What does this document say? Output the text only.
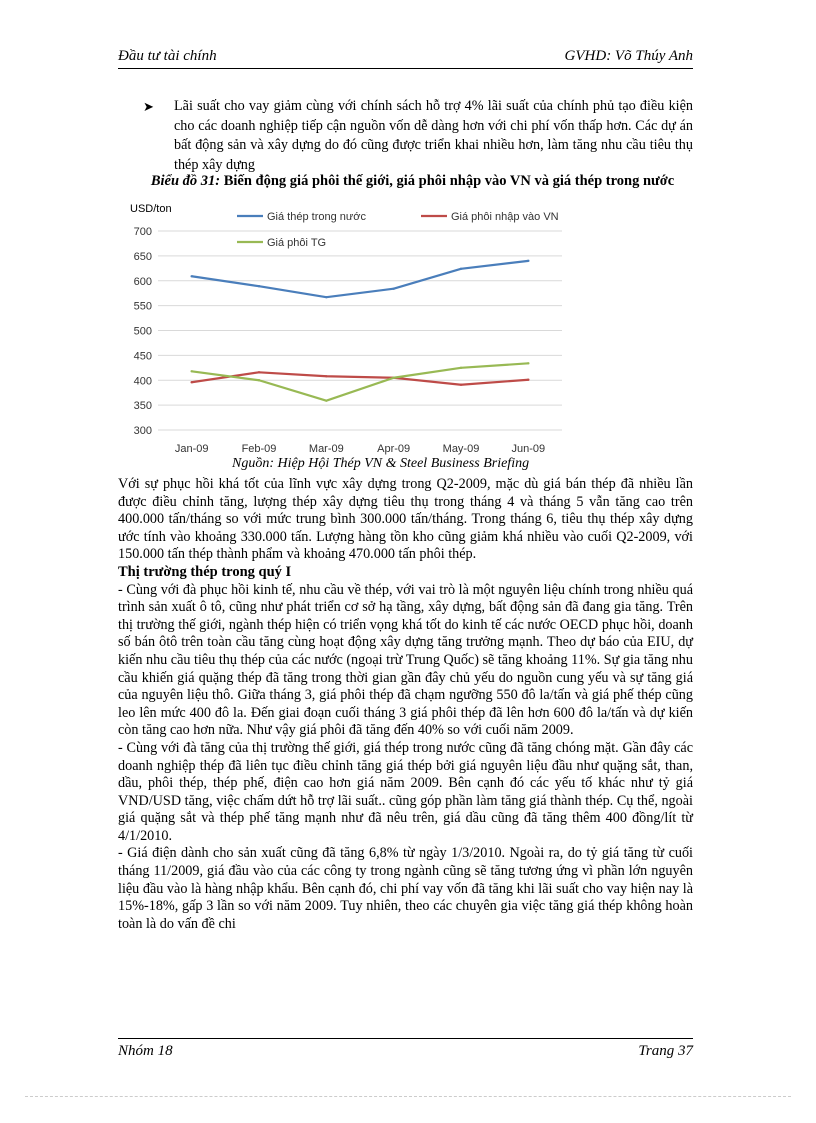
Đầu tư tài chính	GVHD: Võ Thúy Anh
➤ Lãi suất cho vay giảm cùng với chính sách hỗ trợ 4% lãi suất của chính phủ tạo điều kiện cho các doanh nghiệp tiếp cận nguồn vốn dễ dàng hơn với chi phí vốn thấp hơn. Các dự án bất động sản và xây dựng do đó cũng được triển khai nhiều hơn, làm tăng nhu cầu tiêu thụ thép xây dựng
Biểu đồ 31: Biến động giá phôi thế giới, giá phôi nhập vào VN và giá thép trong nước
USD/ton
300
350
400
450
500
550
600
650
700
Jan-09	Feb-09	Mar-09	Apr-09	May-09	Jun-09
Giá thép trong nước	Giá phôi nhập vào VN
Giá phôi TG
Nguồn: Hiệp Hội Thép VN & Steel Business Briefing

Với sự phục hồi khá tốt của lĩnh vực xây dựng trong Q2-2009, mặc dù giá bán thép đã nhiều lần được điều chỉnh tăng, lượng thép xây dựng tiêu thụ trong tháng 4 và tháng 5 vẫn tăng cao trên 400.000 tấn/tháng so với mức trung bình 300.000 tấn/tháng. Trong tháng 6, tiêu thụ thép xây dựng ước tính vào khoảng 330.000 tấn. Lượng hàng tồn kho cũng giảm khá nhiều vào cuối Q2-2009, với 150.000 tấn thép thành phẩm và khoảng 470.000 tấn phôi thép.

Thị trường thép trong quý I

- Cùng với đà phục hồi kinh tế, nhu cầu về thép, với vai trò là một nguyên liệu chính trong nhiều quá trình sản xuất ô tô, cũng như phát triển cơ sở hạ tầng, xây dựng, bất động sản đã đang gia tăng. Trên thị trường thế giới, ngành thép hiện có triển vọng khá tốt do kinh tế các nước OECD phục hồi, doanh số bán ôtô trên toàn cầu tăng cùng hoạt động xây dựng tăng trưởng mạnh. Theo dự báo của EIU, dự kiến nhu cầu tiêu thụ thép của các nước (ngoại trừ Trung Quốc) sẽ tăng khoảng 11%. Sự gia tăng nhu cầu khiến giá quặng thép đã tăng trong thời gian gần đây chủ yếu do nguồn cung yếu và sự tăng giá của nguyên liệu thô. Giữa tháng 3, giá phôi thép đã chạm ngưỡng 550 đô la/tấn và giá phế thép cũng leo lên mức 400 đô la. Đến giai đoạn cuối tháng 3 giá phôi thép đã lên hơn 600 đô la/tấn và dự kiến còn tăng cao hơn nữa. Như vậy giá phôi đã tăng đến 40% so với cuối năm 2009.

- Cùng với đà tăng của thị trường thế giới, giá thép trong nước cũng đã tăng chóng mặt. Gần đây các doanh nghiệp thép đã liên tục điều chỉnh tăng giá thép bởi giá nguyên liệu đầu như quặng sắt, than, dầu, phôi thép, thép phế, điện cao hơn giá năm 2009. Bên cạnh đó các yếu tố khác như tỷ giá VND/USD tăng, việc chấm dứt hỗ trợ lãi suất.. cũng góp phần làm tăng giá thành thép. Cụ thể, ngoài giá quặng sắt và thép phế tăng mạnh như đã nêu trên, giá dầu cũng đã tăng thêm 400 đồng/lít từ 4/1/2010.

- Giá điện dành cho sản xuất cũng đã tăng 6,8% từ ngày 1/3/2010. Ngoài ra, do tỷ giá tăng từ cuối tháng 11/2009, giá đầu vào của các công ty trong ngành cũng sẽ tăng tương ứng vì phần lớn nguyên liệu đầu vào là hàng nhập khẩu. Bên cạnh đó, chi phí vay vốn đã tăng khi lãi suất cho vay hiện nay là 15%-18%, gấp 3 lần so với năm 2009. Tuy nhiên, theo các chuyên gia việc tăng giá thép không hoàn toàn là do vấn đề chi

Nhóm 18	Trang 37
